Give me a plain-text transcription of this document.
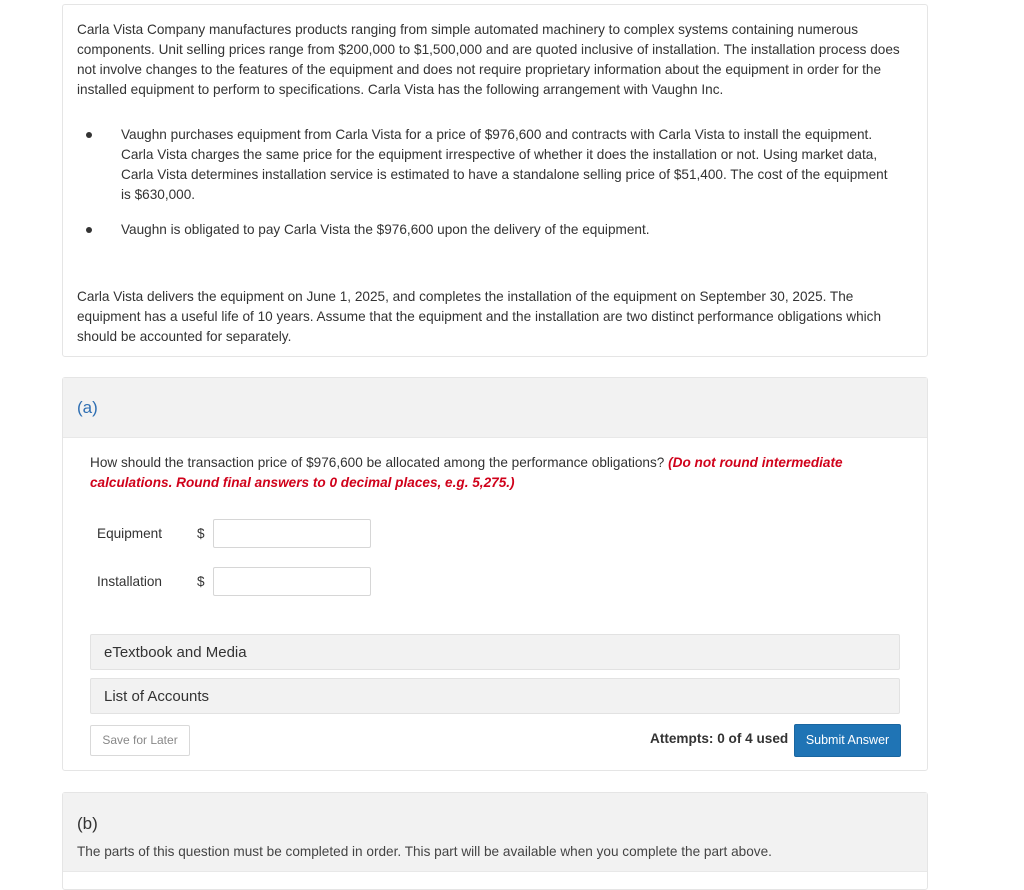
Carla Vista Company manufactures products ranging from simple automated machinery to complex systems containing numerous components. Unit selling prices range from $200,000 to $1,500,000 and are quoted inclusive of installation. The installation process does not involve changes to the features of the equipment and does not require proprietary information about the equipment in order for the installed equipment to perform to specifications. Carla Vista has the following arrangement with Vaughn Inc.

Vaughn purchases equipment from Carla Vista for a price of $976,600 and contracts with Carla Vista to install the equipment. Carla Vista charges the same price for the equipment irrespective of whether it does the installation or not. Using market data, Carla Vista determines installation service is estimated to have a standalone selling price of $51,400. The cost of the equipment is $630,000.
Vaughn is obligated to pay Carla Vista the $976,600 upon the delivery of the equipment.

Carla Vista delivers the equipment on June 1, 2025, and completes the installation of the equipment on September 30, 2025. The equipment has a useful life of 10 years. Assume that the equipment and the installation are two distinct performance obligations which should be accounted for separately.

(a)

How should the transaction price of $976,600 be allocated among the performance obligations? (Do not round intermediate calculations. Round final answers to 0 decimal places, e.g. 5,275.)

Equipment	$
Installation	$
eTextbook and Media
List of Accounts
Save for Later	Attempts: 0 of 4 used	Submit Answer
(b)
The parts of this question must be completed in order. This part will be available when you complete the part above.
